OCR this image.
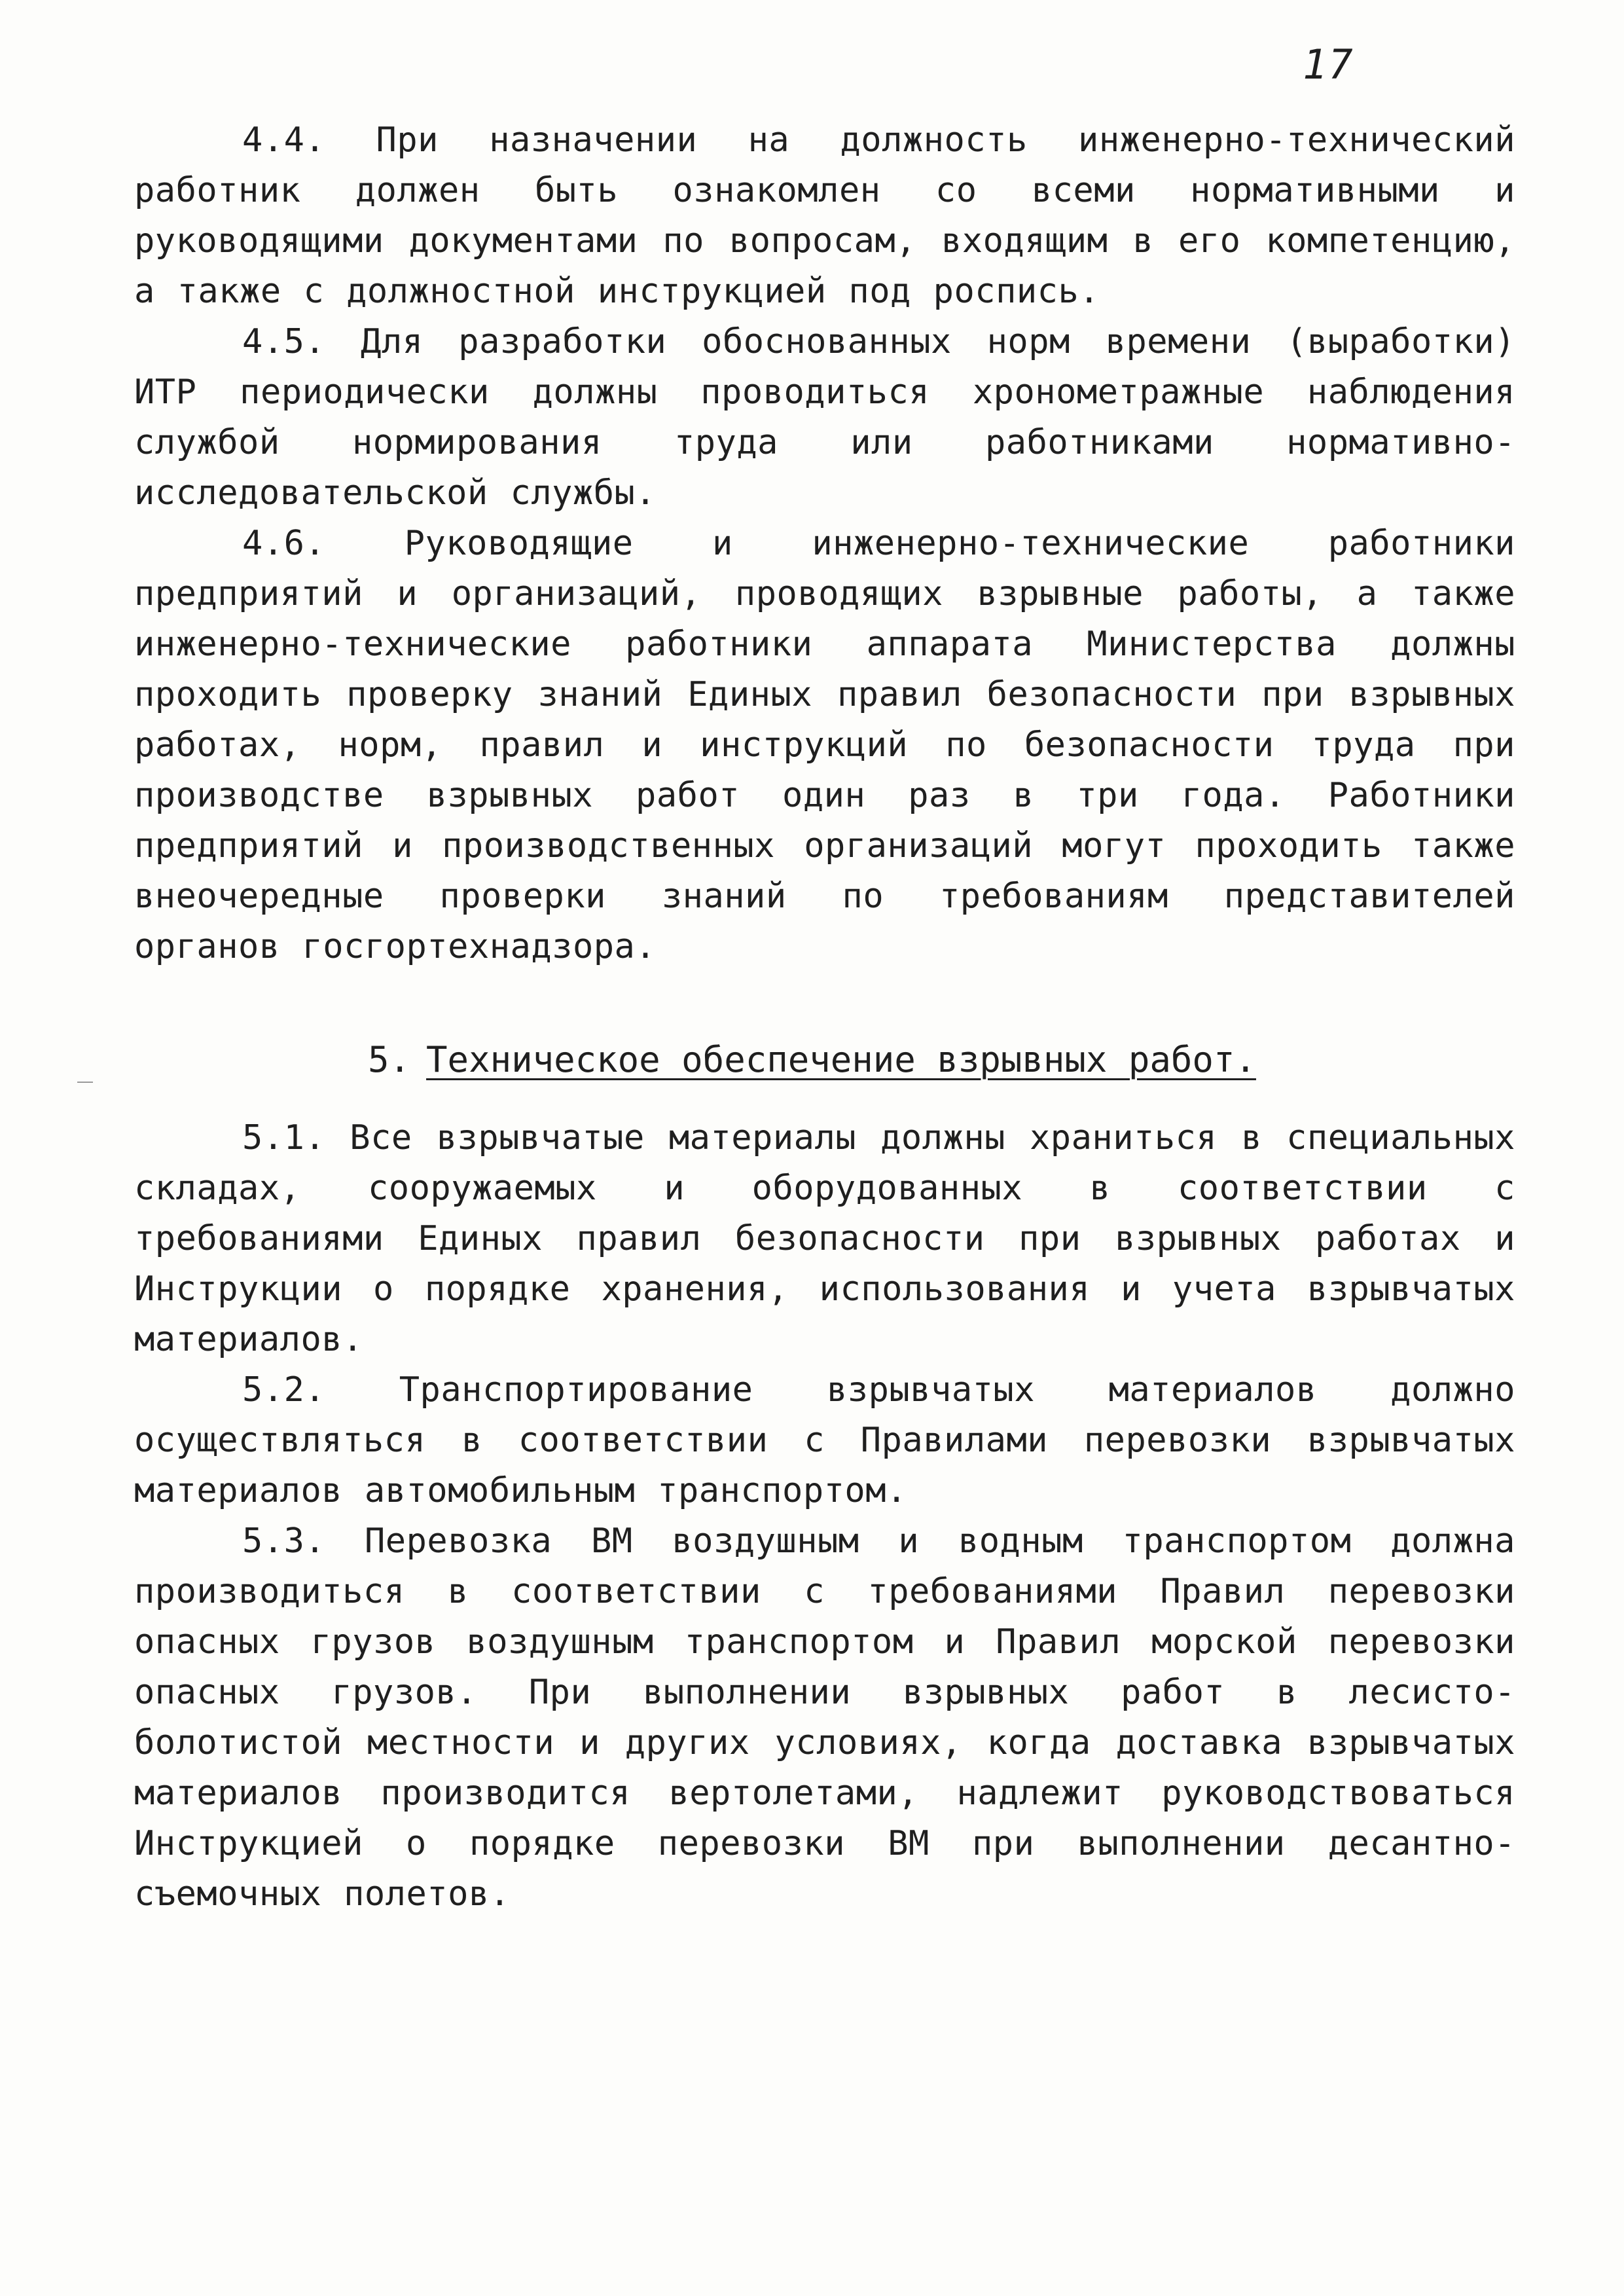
17

4.4. При назначении на должность инженерно-технический работник должен быть ознакомлен со всеми нормативными и руководящими документами по вопросам, входящим в его компетенцию, а также с должностной инструкцией под роспись.

4.5. Для разработки обоснованных норм времени (выработки) ИТР периодически должны проводиться хронометражные наблюдения службой нормирования труда или работниками нормативно-исследовательской службы.

4.6. Руководящие и инженерно-технические работники предприятий и организаций, проводящих взрывные работы, а также инженерно-технические работники аппарата Министерства должны проходить проверку знаний Единых правил безопасности при взрывных работах, норм, правил и инструкций по безопасности труда при производстве взрывных работ один раз в три года. Работники предприятий и производственных организаций могут проходить также внеочередные проверки знаний по требованиям представителей органов госгортехнадзора.

5. Техническое обеспечение взрывных работ.

5.1. Все взрывчатые материалы должны храниться в специальных складах, сооружаемых и оборудованных в соответствии с требованиями Единых правил безопасности при взрывных работах и Инструкции о порядке хранения, использования и учета взрывчатых материалов.

5.2. Транспортирование взрывчатых материалов должно осуществляться в соответствии с Правилами перевозки взрывчатых материалов автомобильным транспортом.

5.3. Перевозка ВМ воздушным и водным транспортом должна производиться в соответствии с требованиями Правил перевозки опасных грузов воздушным транспортом и Правил морской перевозки опасных грузов. При выполнении взрывных работ в лесисто-болотистой местности и других условиях, когда доставка взрывчатых материалов производится вертолетами, надлежит руководствоваться Инструкцией о порядке перевозки ВМ при выполнении десантно-съемочных полетов.
